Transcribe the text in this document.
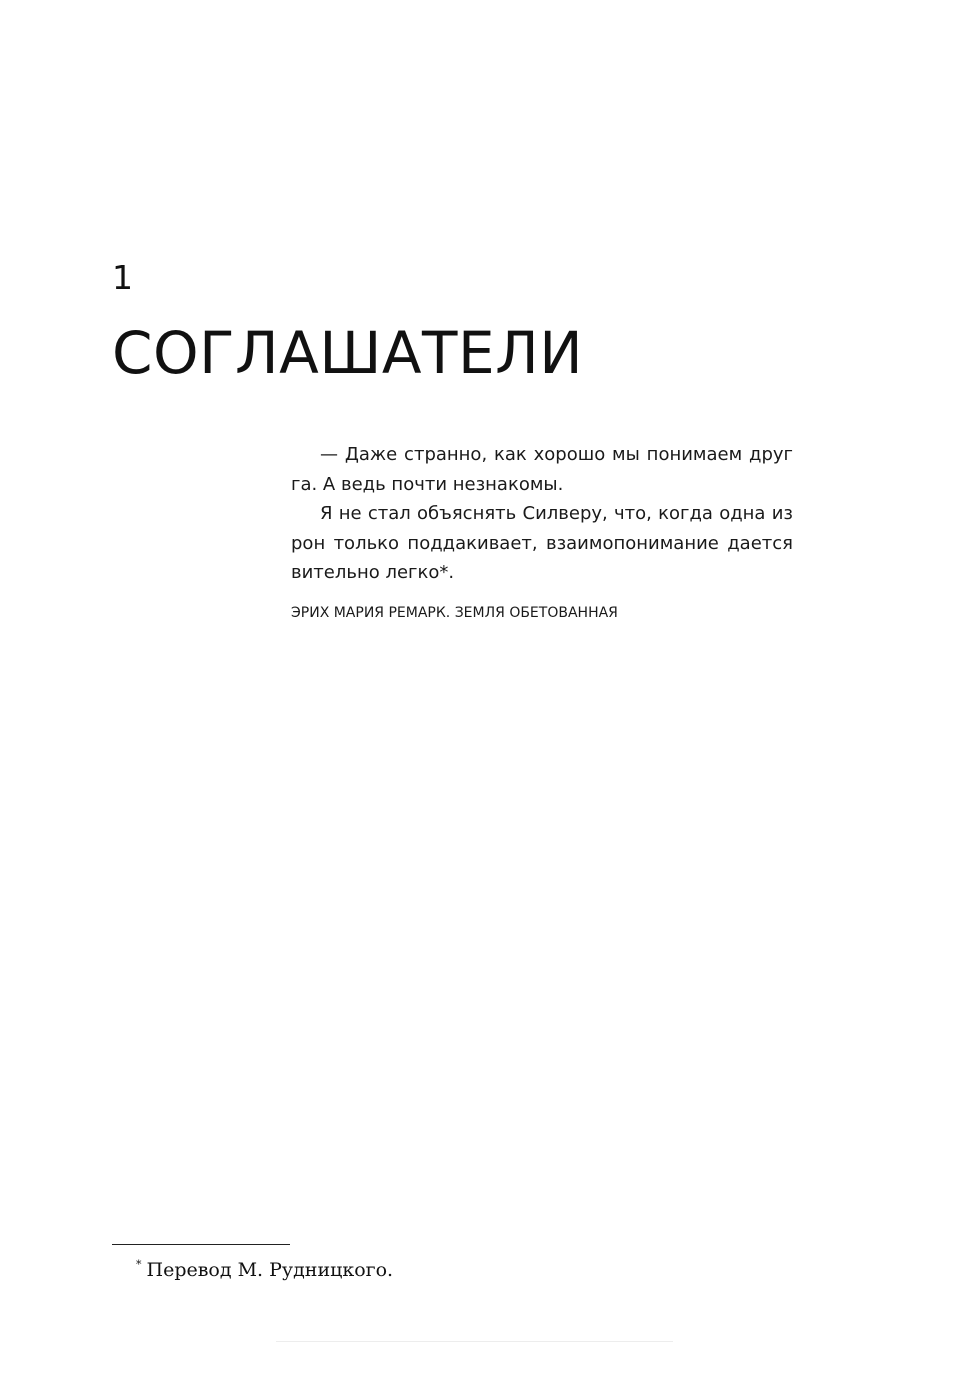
1
СОГЛАШАТЕЛИ
— Даже странно, как хорошо мы понимаем друг
га. А ведь почти незнакомы.
Я не стал объяснять Силверу, что, когда одна из
рон только поддакивает, взаимопонимание дается
вительно легко*.
ЭРИХ МАРИЯ РЕМАРК. ЗЕМЛЯ ОБЕТОВАННАЯ
* Перевод М. Рудницкого.
